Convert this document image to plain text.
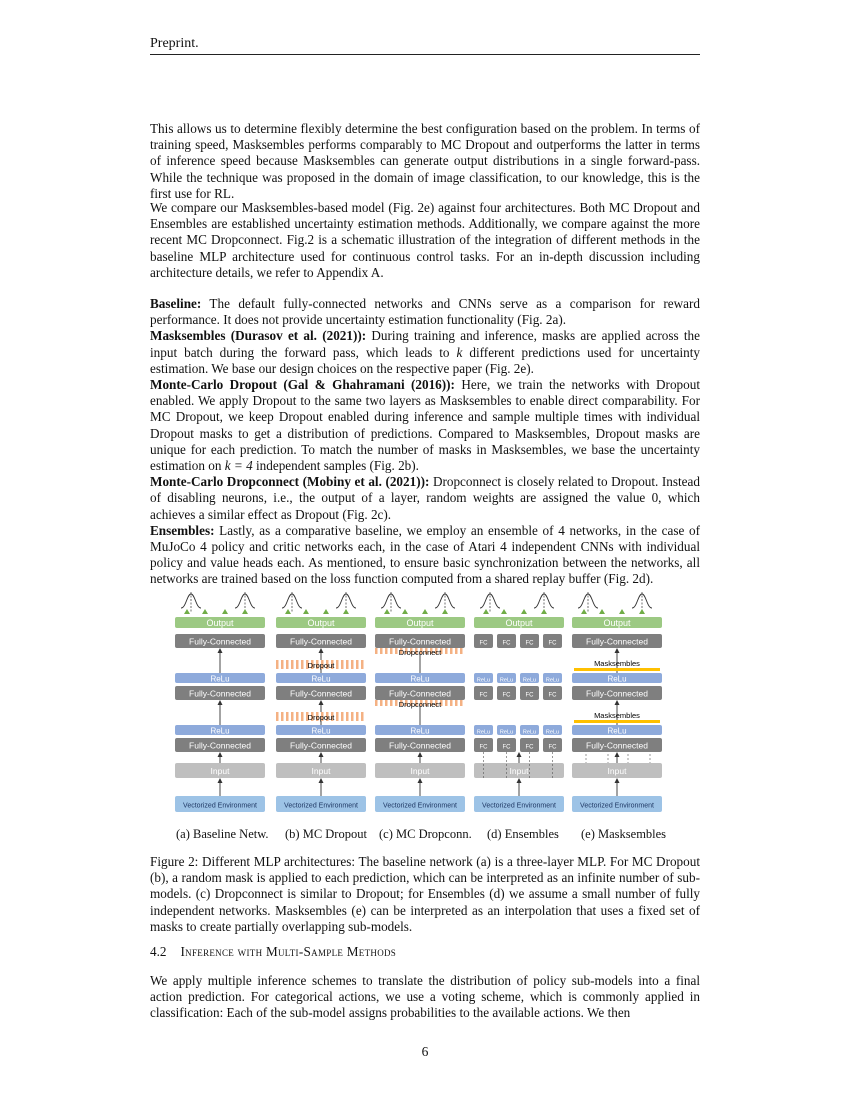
Preprint.

This allows us to determine flexibly determine the best configuration based on the problem. In terms of training speed, Masksembles performs comparably to MC Dropout and outperforms the latter in terms of inference speed because Masksembles can generate output distributions in a single forward-pass. While the technique was proposed in the domain of image classification, to our knowledge, this is the first use for RL.

We compare our Masksembles-based model (Fig. 2e) against four architectures. Both MC Dropout and Ensembles are established uncertainty estimation methods. Additionally, we compare against the more recent MC Dropconnect. Fig.2 is a schematic illustration of the integration of different methods in the baseline MLP architecture used for continuous control tasks. For an in-depth discussion including architecture details, we refer to Appendix A.

Baseline: The default fully-connected networks and CNNs serve as a comparison for reward performance. It does not provide uncertainty estimation functionality (Fig. 2a).
Masksembles (Durasov et al. (2021)): During training and inference, masks are applied across the input batch during the forward pass, which leads to k different predictions used for uncertainty estimation. We base our design choices on the respective paper (Fig. 2e).
Monte-Carlo Dropout (Gal & Ghahramani (2016)): Here, we train the networks with Dropout enabled. We apply Dropout to the same two layers as Masksembles to enable direct comparability. For MC Dropout, we keep Dropout enabled during inference and sample multiple times with individual Dropout masks to get a distribution of predictions. Compared to Masksembles, Dropout masks are unique for each prediction. To match the number of masks in Masksembles, we base the uncertainty estimation on k = 4 independent samples (Fig. 2b).
Monte-Carlo Dropconnect (Mobiny et al. (2021)): Dropconnect is closely related to Dropout. Instead of disabling neurons, i.e., the output of a layer, random weights are assigned the value 0, which achieves a similar effect as Dropout (Fig. 2c).
Ensembles: Lastly, as a comparative baseline, we employ an ensemble of 4 networks, in the case of MuJoCo 4 policy and critic networks each, in the case of Atari 4 independent CNNs with individual policy and value heads each. As mentioned, to ensure basic synchronization between the networks, all networks are trained based on the loss function computed from a shared replay buffer (Fig. 2d).
Output
Fully-Connected
Fully-Connected
Fully-Connected
ReLu
ReLu
Input
Vectorized Environment
Output
Fully-Connected
Fully-Connected
Fully-Connected
ReLu
ReLu
Input
Vectorized Environment
Dropout
Dropout
Output
Fully-Connected
Fully-Connected
Fully-Connected
ReLu
ReLu
Input
Vectorized Environment
Dropconnect
Dropconnect
Output
FC	FC	FC	FC
FC	FC	FC	FC
FC	FC	FC	FC
ReLu ReLu ReLu ReLu
ReLu ReLu ReLu ReLu
Input
Vectorized Environment
Output
Fully-Connected
Fully-Connected
Fully-Connected
ReLu
ReLu
Input
Vectorized Environment
Masksembles
Masksembles
(a) Baseline Netw. (b) MC Dropout (c) MC Dropconn. (d) Ensembles (e) Masksembles

Figure 2: Different MLP architectures: The baseline network (a) is a three-layer MLP. For MC Dropout (b), a random mask is applied to each prediction, which can be interpreted as an infinite number of sub-models. (c) Dropconnect is similar to Dropout; for Ensembles (d) we assume a small number of fully independent networks. Masksembles (e) can be interpreted as an interpolation that uses a fixed set of masks to create partially overlapping sub-models.

4.2 Inference with Multi-Sample Methods

We apply multiple inference schemes to translate the distribution of policy sub-models into a final action prediction. For categorical actions, we use a voting scheme, which is commonly applied in classification: Each of the sub-model assigns probabilities to the available actions. We then

6
